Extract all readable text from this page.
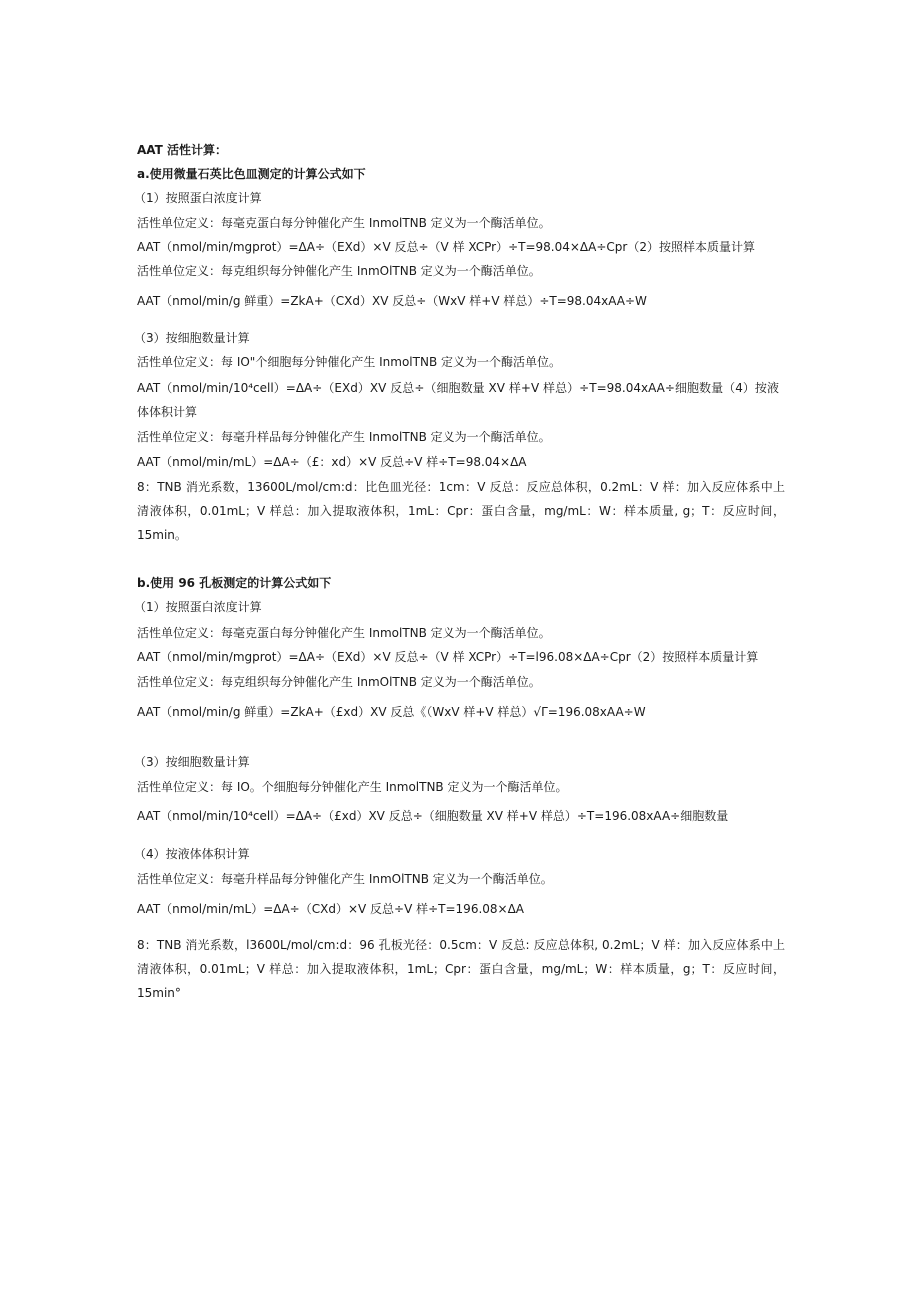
AAT 活性计算：

a.使用微量石英比色皿测定的计算公式如下

（1）按照蛋白浓度计算

活性单位定义：每毫克蛋白每分钟催化产生 InmolTNB 定义为一个酶活单位。

AAT（nmol/min/mgprot）=ΔA÷（EXd）×V 反总÷（V 样 XCPr）÷T=98.04×ΔA÷Cpr（2）按照样本质量计算

活性单位定义：每克组织每分钟催化产生 InmOlTNB 定义为一个酶活单位。

AAT（nmol/min/g 鲜重）=ZkA+（CXd）XV 反总÷（WxV 样+V 样总）÷T=98.04xAA÷W

（3）按细胞数量计算

活性单位定义：每 IO"个细胞每分钟催化产生 InmolTNB 定义为一个酶活单位。

AAT（nmol∕min∕10⁴cell）=ΔA÷（EXd）XV 反总÷（细胞数量 XV 样+V 样总）÷T=98.04xAA÷细胞数量（4）按液体体积计算

活性单位定义：每毫升样品每分钟催化产生 InmolTNB 定义为一个酶活单位。

AAT（nmol/min/mL）=ΔA÷（£：xd）×V 反总÷V 样÷T=98.04×ΔA

8：TNB 消光系数，13600L∕mol∕cm:d：比色皿光径：1cm：V 反总：反应总体积，0.2mL：V 样：加入反应体系中上清液体积，0.01mL；V 样总：加入提取液体积，1mL：Cpr：蛋白含量，mg/mL：W：样本质量, g；T：反应时间，15min。

b.使用 96 孔板测定的计算公式如下

（1）按照蛋白浓度计算

活性单位定义：每毫克蛋白每分钟催化产生 InmolTNB 定义为一个酶活单位。

AAT（nmol/min/mgprot）=ΔA÷（EXd）×V 反总÷（V 样 XCPr）÷T=l96.08×ΔA÷Cpr（2）按照样本质量计算

活性单位定义：每克组织每分钟催化产生 InmOlTNB 定义为一个酶活单位。

AAT（nmol/min/g 鲜重）=ZkA+（£xd）XV 反总《（WxV 样+V 样总）√Γ=196.08xAA÷W

（3）按细胞数量计算

活性单位定义：每 IO。个细胞每分钟催化产生 InmolTNB 定义为一个酶活单位。

AAT（nmol/min/10⁴cell）=ΔA÷（£xd）XV 反总÷（细胞数量 XV 样+V 样总）÷T=196.08xAA÷细胞数量

（4）按液体体积计算

活性单位定义：每毫升样品每分钟催化产生 InmOlTNB 定义为一个酶活单位。

AAT（nmol/min/mL）=ΔA÷（CXd）×V 反总÷V 样÷T=196.08×ΔA

8：TNB 消光系数，l3600L∕mol∕cm:d：96 孔板光径：0.5cm：V 反总: 反应总体积, 0.2mL；V 样：加入反应体系中上清液体积，0.01mL；V 样总：加入提取液体积，1mL；Cpr：蛋白含量，mg/mL；W：样本质量，g；T：反应时间，15min°
